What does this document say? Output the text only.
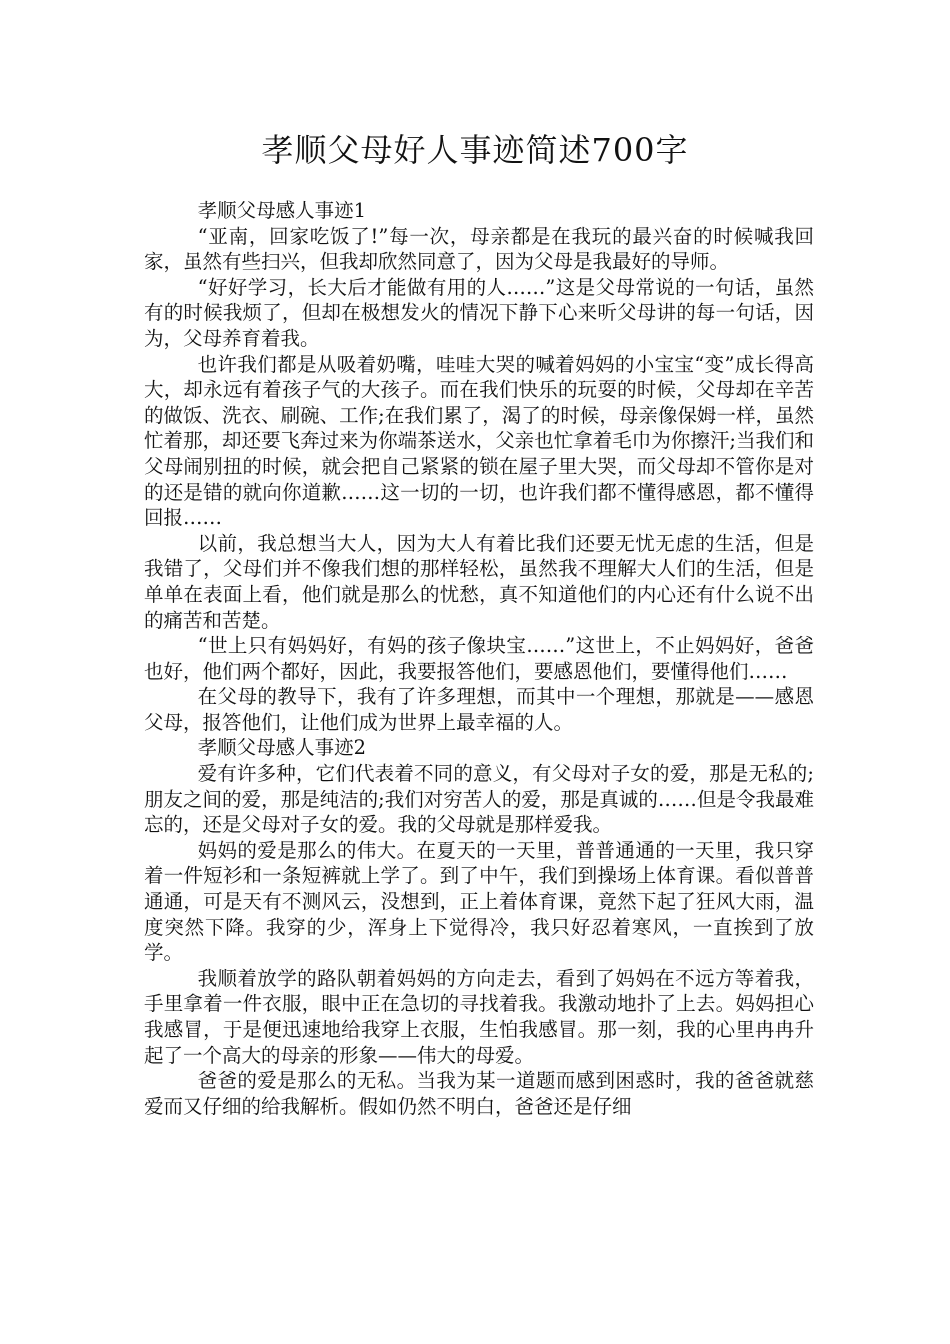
孝顺父母好人事迹简述700字

孝顺父母感人事迹1

“亚南，回家吃饭了!”每一次，母亲都是在我玩的最兴奋的时候喊我回家，虽然有些扫兴，但我却欣然同意了，因为父母是我最好的导师。

“好好学习，长大后才能做有用的人……”这是父母常说的一句话，虽然有的时候我烦了，但却在极想发火的情况下静下心来听父母讲的每一句话，因为，父母养育着我。

也许我们都是从吸着奶嘴，哇哇大哭的喊着妈妈的小宝宝“变”成长得高大，却永远有着孩子气的大孩子。而在我们快乐的玩耍的时候，父母却在辛苦的做饭、洗衣、刷碗、工作;在我们累了，渴了的时候，母亲像保姆一样，虽然忙着那，却还要飞奔过来为你端茶送水，父亲也忙拿着毛巾为你擦汗;当我们和父母闹别扭的时候，就会把自己紧紧的锁在屋子里大哭，而父母却不管你是对的还是错的就向你道歉……这一切的一切，也许我们都不懂得感恩，都不懂得回报……

以前，我总想当大人，因为大人有着比我们还要无忧无虑的生活，但是我错了，父母们并不像我们想的那样轻松，虽然我不理解大人们的生活，但是单单在表面上看，他们就是那么的忧愁，真不知道他们的内心还有什么说不出的痛苦和苦楚。

“世上只有妈妈好，有妈的孩子像块宝……”这世上，不止妈妈好，爸爸也好，他们两个都好，因此，我要报答他们，要感恩他们，要懂得他们……

在父母的教导下，我有了许多理想，而其中一个理想，那就是——感恩父母，报答他们，让他们成为世界上最幸福的人。

孝顺父母感人事迹2

爱有许多种，它们代表着不同的意义，有父母对子女的爱，那是无私的;朋友之间的爱，那是纯洁的;我们对穷苦人的爱，那是真诚的……但是令我最难忘的，还是父母对子女的爱。我的父母就是那样爱我。

妈妈的爱是那么的伟大。在夏天的一天里，普普通通的一天里，我只穿着一件短衫和一条短裤就上学了。到了中午，我们到操场上体育课。看似普普通通，可是天有不测风云，没想到，正上着体育课，竟然下起了狂风大雨，温度突然下降。我穿的少，浑身上下觉得冷，我只好忍着寒风，一直挨到了放学。

我顺着放学的路队朝着妈妈的方向走去，看到了妈妈在不远方等着我，手里拿着一件衣服，眼中正在急切的寻找着我。我激动地扑了上去。妈妈担心我感冒，于是便迅速地给我穿上衣服，生怕我感冒。那一刻，我的心里冉冉升起了一个高大的母亲的形象——伟大的母爱。

爸爸的爱是那么的无私。当我为某一道题而感到困惑时，我的爸爸就慈爱而又仔细的给我解析。假如仍然不明白，爸爸还是仔细
